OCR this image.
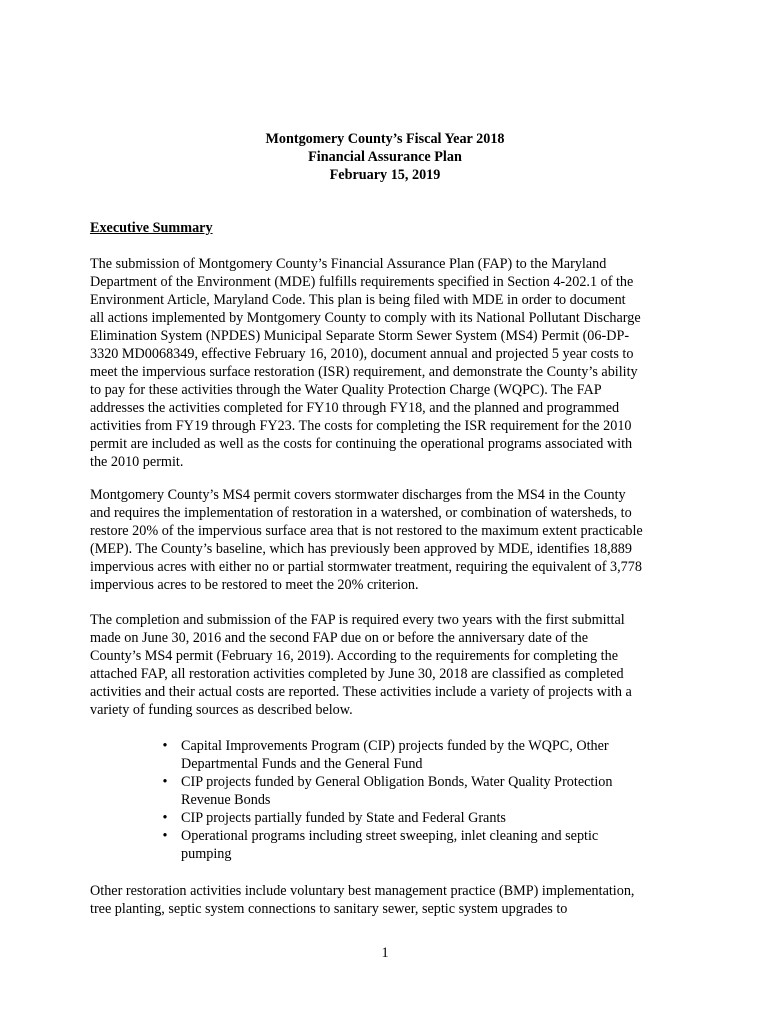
Montgomery County’s Fiscal Year 2018
Financial Assurance Plan
February 15, 2019
Executive Summary
The submission of Montgomery County’s Financial Assurance Plan (FAP) to the Maryland
Department of the Environment (MDE) fulfills requirements specified in Section 4-202.1 of the
Environment Article, Maryland Code. This plan is being filed with MDE in order to document
all actions implemented by Montgomery County to comply with its National Pollutant Discharge
Elimination System (NPDES) Municipal Separate Storm Sewer System (MS4) Permit (06-DP-
3320 MD0068349, effective February 16, 2010), document annual and projected 5 year costs to
meet the impervious surface restoration (ISR) requirement, and demonstrate the County’s ability
to pay for these activities through the Water Quality Protection Charge (WQPC). The FAP
addresses the activities completed for FY10 through FY18, and the planned and programmed
activities from FY19 through FY23. The costs for completing the ISR requirement for the 2010
permit are included as well as the costs for continuing the operational programs associated with
the 2010 permit.
Montgomery County’s MS4 permit covers stormwater discharges from the MS4 in the County
and requires the implementation of restoration in a watershed, or combination of watersheds, to
restore 20% of the impervious surface area that is not restored to the maximum extent practicable
(MEP). The County’s baseline, which has previously been approved by MDE, identifies 18,889
impervious acres with either no or partial stormwater treatment, requiring the equivalent of 3,778
impervious acres to be restored to meet the 20% criterion.
The completion and submission of the FAP is required every two years with the first submittal
made on June 30, 2016 and the second FAP due on or before the anniversary date of the
County’s MS4 permit (February 16, 2019). According to the requirements for completing the
attached FAP, all restoration activities completed by June 30, 2018 are classified as completed
activities and their actual costs are reported. These activities include a variety of projects with a
variety of funding sources as described below.
• Capital Improvements Program (CIP) projects funded by the WQPC, Other
Departmental Funds and the General Fund
• CIP projects funded by General Obligation Bonds, Water Quality Protection
Revenue Bonds
• CIP projects partially funded by State and Federal Grants
• Operational programs including street sweeping, inlet cleaning and septic
pumping
Other restoration activities include voluntary best management practice (BMP) implementation,
tree planting, septic system connections to sanitary sewer, septic system upgrades to
1
